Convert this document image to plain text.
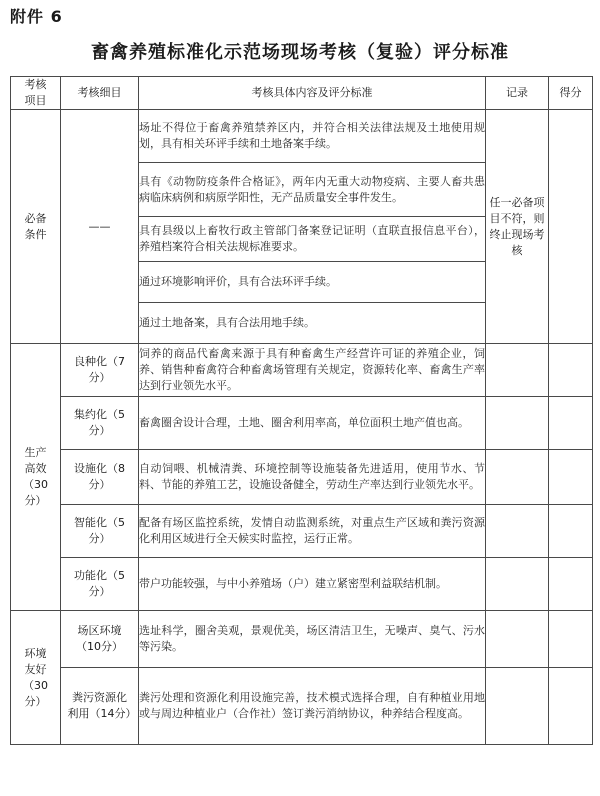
附件 6
畜禽养殖标准化示范场现场考核（复验）评分标准
考核项目	考核细目	考核具体内容及评分标准	记录	得分

必备条件	——	场址不得位于畜禽养殖禁养区内，并符合相关法律法规及土地使用规划，具有相关环评手续和土地备案手续。	任一必备项目不符，则终止现场考核	
		具有《动物防疫条件合格证》，两年内无重大动物疫病、主要人畜共患病临床病例和病原学阳性，无产品质量安全事件发生。		
		具有县级以上畜牧行政主管部门备案登记证明（直联直报信息平台），养殖档案符合相关法规标准要求。		
		通过环境影响评价，具有合法环评手续。		
		通过土地备案，具有合法用地手续。		

生产高效（30分）	良种化（7分）	饲养的商品代畜禽来源于具有种畜禽生产经营许可证的养殖企业，饲养、销售种畜禽符合种畜禽场管理有关规定，资源转化率、畜禽生产率达到行业领先水平。		

	集约化（5分）	畜禽圈舍设计合理，土地、圈舍利用率高，单位面积土地产值也高。		

	设施化（8分）	自动饲喂、机械清粪、环境控制等设施装备先进适用，使用节水、节料、节能的养殖工艺，设施设备健全，劳动生产率达到行业领先水平。		

	智能化（5分）	配备有场区监控系统，发情自动监测系统，对重点生产区域和粪污资源化利用区域进行全天候实时监控，运行正常。		

	功能化（5分）	带户功能较强，与中小养殖场（户）建立紧密型利益联结机制。		

环境友好（30分）	场区环境（10分）	选址科学，圈舍美观，景观优美，场区清洁卫生，无噪声、臭气、污水等污染。		

	粪污资源化利用（14分）	粪污处理和资源化利用设施完善，技术模式选择合理，自有种植业用地或与周边种植业户（合作社）签订粪污消纳协议，种养结合程度高。		
